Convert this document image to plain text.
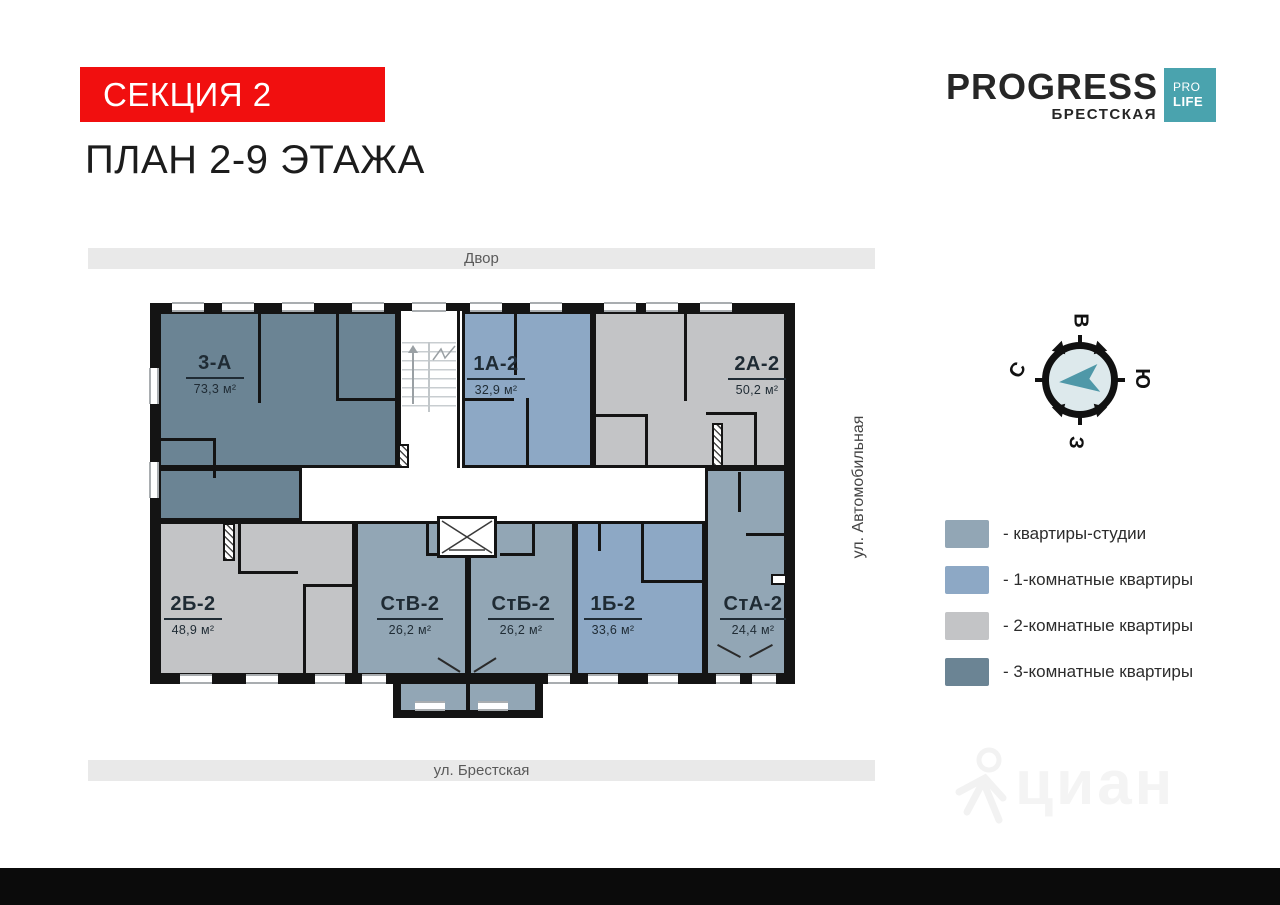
СЕКЦИЯ 2
ПЛАН 2-9 ЭТАЖА
PROGRESS
БРЕСТСКАЯ
PRO
LIFE
Двор
ул. Брестская
ул. Автомобильная
3-А
73,3 м²
1А-2
32,9 м²
2А-2
50,2 м²
2Б-2
48,9 м²
СтВ-2
26,2 м²
СтБ-2
26,2 м²
1Б-2
33,6 м²
СтА-2
24,4 м²
В
С	Ю
З
- квартиры-студии
- 1-комнатные квартиры
- 2-комнатные квартиры
- 3-комнатные квартиры
циан
